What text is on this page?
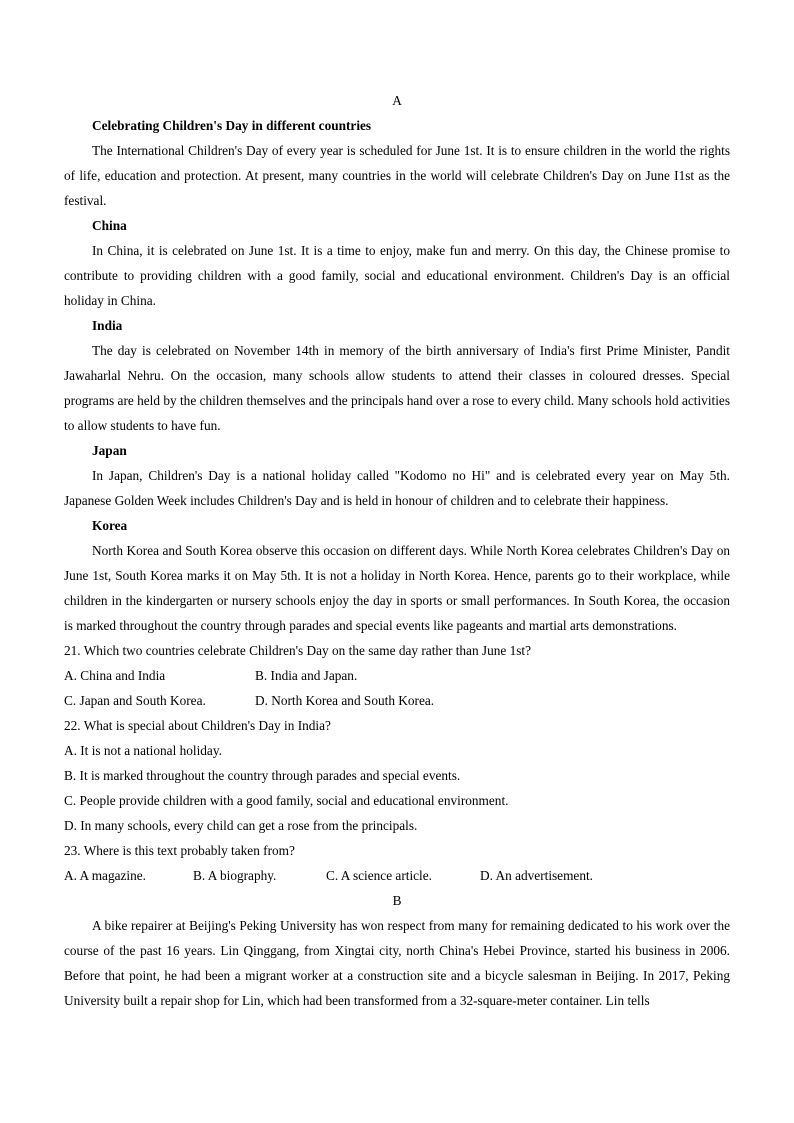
A
Celebrating Children's Day in different countries

The International Children's Day of every year is scheduled for June 1st. It is to ensure children in the world the rights of life, education and protection. At present, many countries in the world will celebrate Children's Day on June I1st as the festival.

China

In China, it is celebrated on June 1st. It is a time to enjoy, make fun and merry. On this day, the Chinese promise to contribute to providing children with a good family, social and educational environment. Children's Day is an official holiday in China.

India

The day is celebrated on November 14th in memory of the birth anniversary of India's first Prime Minister, Pandit Jawaharlal Nehru. On the occasion, many schools allow students to attend their classes in coloured dresses. Special programs are held by the children themselves and the principals hand over a rose to every child. Many schools hold activities to allow students to have fun.

Japan

In Japan, Children's Day is a national holiday called "Kodomo no Hi" and is celebrated every year on May 5th. Japanese Golden Week includes Children's Day and is held in honour of children and to celebrate their happiness.

Korea

North Korea and South Korea observe this occasion on different days. While North Korea celebrates Children's Day on June 1st, South Korea marks it on May 5th. It is not a holiday in North Korea. Hence, parents go to their workplace, while children in the kindergarten or nursery schools enjoy the day in sports or small performances. In South Korea, the occasion is marked throughout the country through parades and special events like pageants and martial arts demonstrations.

21. Which two countries celebrate Children's Day on the same day rather than June 1st?
A. China and India	B. India and Japan.
C. Japan and South Korea.	D. North Korea and South Korea.
22. What is special about Children's Day in India?
A. It is not a national holiday.
B. It is marked throughout the country through parades and special events.
C. People provide children with a good family, social and educational environment.
D. In many schools, every child can get a rose from the principals.
23. Where is this text probably taken from?
A. A magazine.	B. A biography.	C. A science article.	D. An advertisement.
B

A bike repairer at Beijing's Peking University has won respect from many for remaining dedicated to his work over the course of the past 16 years. Lin Qinggang, from Xingtai city, north China's Hebei Province, started his business in 2006. Before that point, he had been a migrant worker at a construction site and a bicycle salesman in Beijing. In 2017, Peking University built a repair shop for Lin, which had been transformed from a 32-square-meter container. Lin tells
